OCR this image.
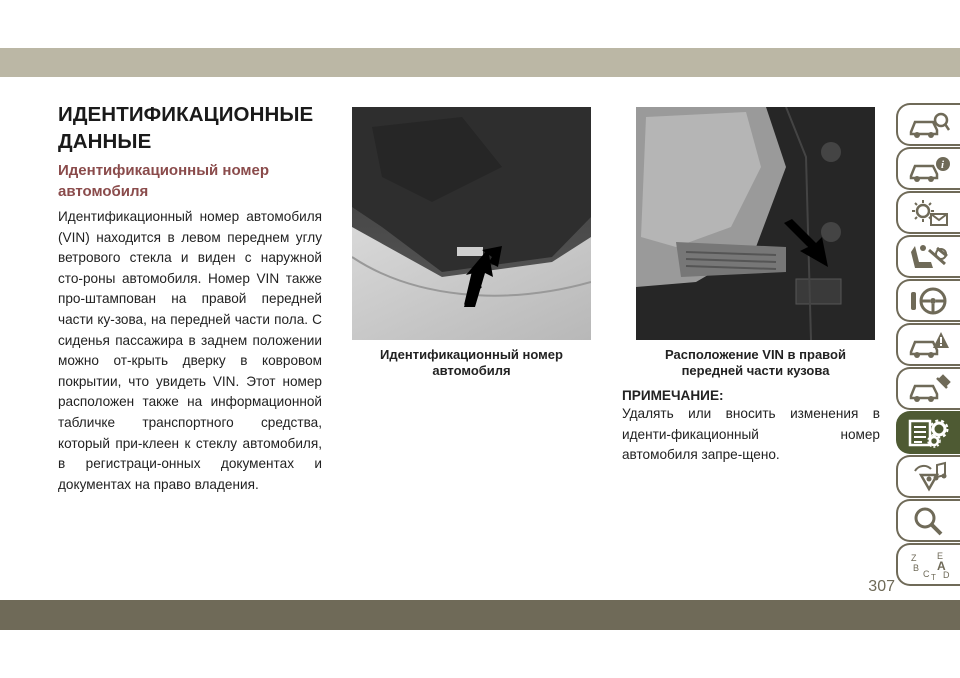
ИДЕНТИФИКАЦИОННЫЕ ДАННЫЕ
Идентификационный номер автомобиля

Идентификационный номер автомобиля (VIN) находится в левом переднем углу ветрового стекла и виден с наружной сто-роны автомобиля. Номер VIN также про-штампован на правой передней части ку-зова, на передней части пола. С сиденья пассажира в заднем положении можно от-крыть дверку в ковровом покрытии, что увидеть VIN. Этот номер расположен также на информационной табличке транспортного средства, который при-клеен к стеклу автомобиля, в регистраци-онных документах и документах на право владения.

Идентификационный номер автомобиля
Расположение VIN в правой передней части кузова
ПРИМЕЧАНИЕ:

Удалять или вносить изменения в иденти-фикационный номер автомобиля запре-щено.

i
Z E
B
C
A
D
T
307
